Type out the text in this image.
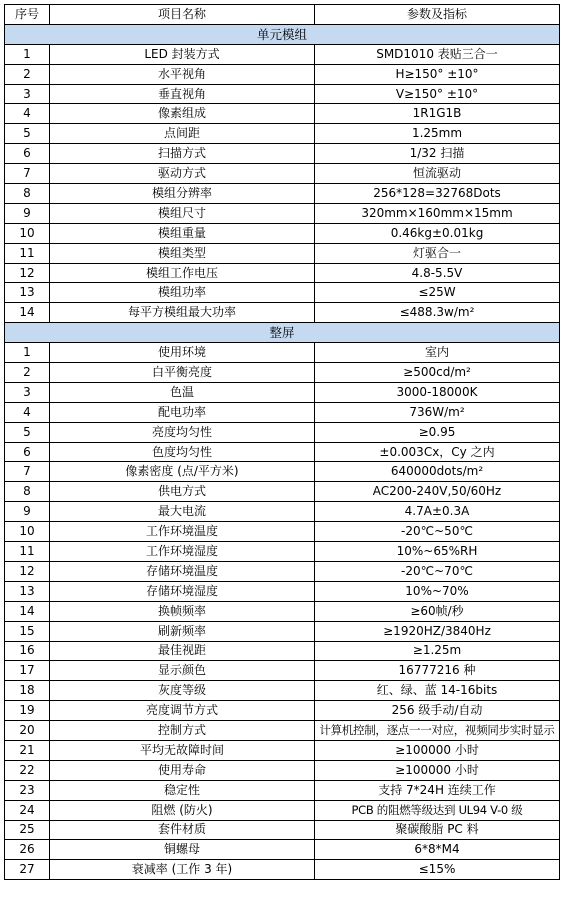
序号	项目名称	参数及指标
单元模组		
1	LED 封装方式	SMD1010 表贴三合一
2	水平视角	H≥150° ±10°
3	垂直视角	V≥150° ±10°
4	像素组成	1R1G1B
5	点间距	1.25mm
6	扫描方式	1/32 扫描
7	驱动方式	恒流驱动
8	模组分辨率	256*128=32768Dots
9	模组尺寸	320mm×160mm×15mm
10	模组重量	0.46kg±0.01kg
11	模组类型	灯驱合一
12	模组工作电压	4.8-5.5V
13	模组功率	≤25W
14	每平方模组最大功率	≤488.3w/m²
整屏		
1	使用环境	室内
2	白平衡亮度	≥500cd/m²
3	色温	3000-18000K
4	配电功率	736W/m²
5	亮度均匀性	≥0.95
6	色度均匀性	±0.003Cx，Cy 之内
7	像素密度 (点/平方米)	640000dots/m²
8	供电方式	AC200-240V,50/60Hz
9	最大电流	4.7A±0.3A
10	工作环境温度	-20℃~50℃
11	工作环境湿度	10%~65%RH
12	存储环境温度	-20℃~70℃
13	存储环境湿度	10%~70%
14	换帧频率	≥60帧/秒
15	刷新频率	≥1920HZ/3840Hz
16	最佳视距	≥1.25m
17	显示颜色	16777216 种
18	灰度等级	红、绿、蓝 14-16bits
19	亮度调节方式	256 级手动/自动
20	控制方式	计算机控制，逐点一一对应，视频同步实时显示
21	平均无故障时间	≥100000 小时
22	使用寿命	≥100000 小时
23	稳定性	支持 7*24H 连续工作
24	阻燃 (防火)	PCB 的阻燃等级达到 UL94 V-0 级
25	套件材质	聚碳酸脂 PC 料
26	铜螺母	6*8*M4
27	衰减率 (工作 3 年)	≤15%
